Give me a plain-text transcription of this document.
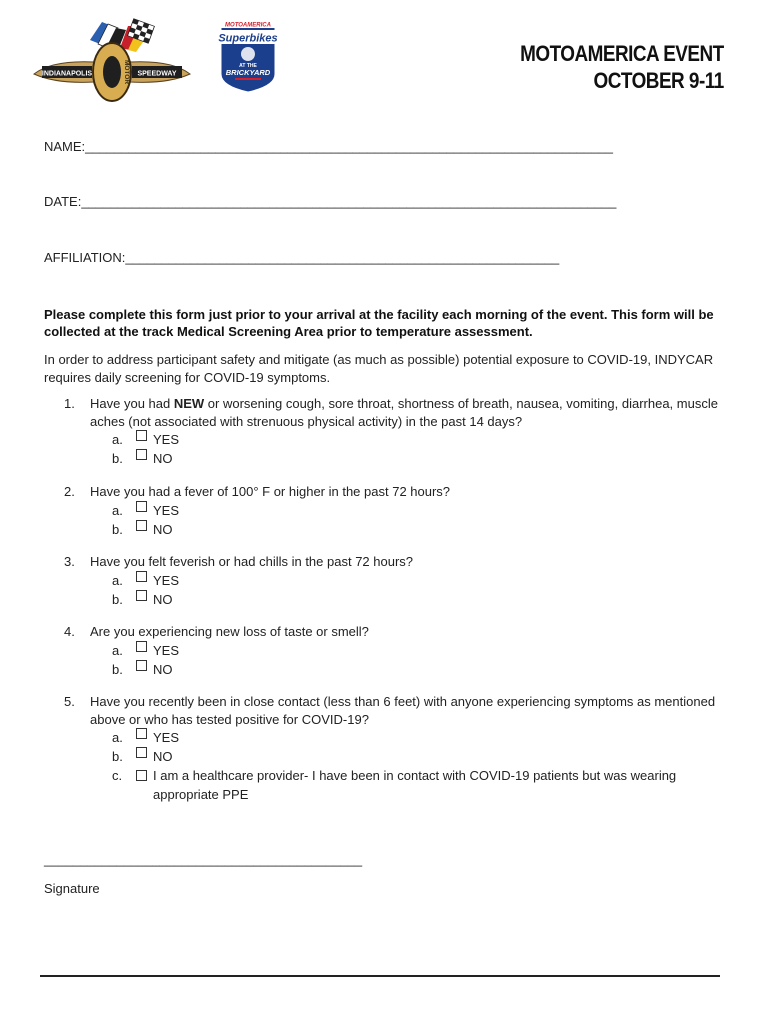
INDIANAPOLIS	SPEEDWAY
MOTOR
MOTOAMERICA
Superbikes
AT THE
BRICKYARD
MOTOAMERICA EVENT
OCTOBER 9-11
NAME:_________________________________________________________________________
DATE:__________________________________________________________________________
AFFILIATION:____________________________________________________________
Please complete this form just prior to your arrival at the facility each morning of the event. This form will be collected at the track Medical Screening Area prior to temperature assessment.
In order to address participant safety and mitigate (as much as possible) potential exposure to COVID-19, INDYCAR requires daily screening for COVID-19 symptoms.
1.	Have you had NEW or worsening cough, sore throat, shortness of breath, nausea, vomiting, diarrhea, muscle aches (not associated with strenuous physical activity) in the past 14 days?
a.	YES
b.	NO
2.	Have you had a fever of 100° F or higher in the past 72 hours?
a.	YES
b.	NO
3.	Have you felt feverish or had chills in the past 72 hours?
a.	YES
b.	NO
4.	Are you experiencing new loss of taste or smell?
a.	YES
b.	NO
5.	Have you recently been in close contact (less than 6 feet) with anyone experiencing symptoms as mentioned above or who has tested positive for COVID-19?
a.	YES
b.	NO
c.	I am a healthcare provider- I have been in contact with COVID-19 patients but was wearing appropriate PPE
____________________________________________
Signature
